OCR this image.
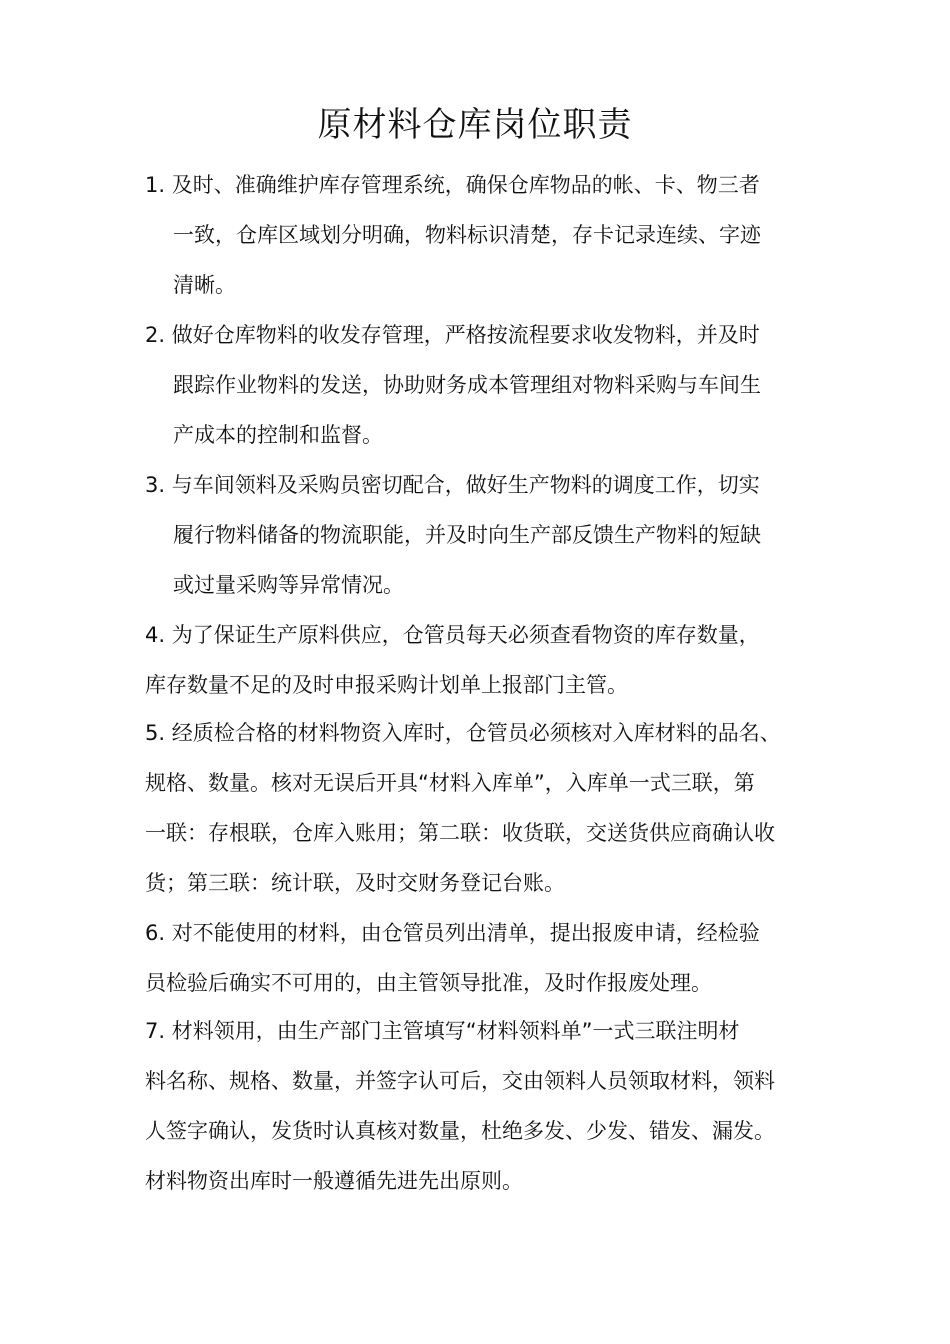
原材料仓库岗位职责
1. 及时、准确维护库存管理系统，确保仓库物品的帐、卡、物三者
一致，仓库区域划分明确，物料标识清楚，存卡记录连续、字迹
清晰。
2. 做好仓库物料的收发存管理，严格按流程要求收发物料，并及时
跟踪作业物料的发送，协助财务成本管理组对物料采购与车间生
产成本的控制和监督。
3. 与车间领料及采购员密切配合，做好生产物料的调度工作，切实
履行物料储备的物流职能，并及时向生产部反馈生产物料的短缺
或过量采购等异常情况。
4. 为了保证生产原料供应，仓管员每天必须查看物资的库存数量，
库存数量不足的及时申报采购计划单上报部门主管。
5. 经质检合格的材料物资入库时，仓管员必须核对入库材料的品名、
规格、数量。核对无误后开具“材料入库单”，入库单一式三联，第
一联：存根联，仓库入账用；第二联：收货联，交送货供应商确认收
货；第三联：统计联，及时交财务登记台账。
6. 对不能使用的材料，由仓管员列出清单，提出报废申请，经检验
员检验后确实不可用的，由主管领导批准，及时作报废处理。
7. 材料领用，由生产部门主管填写“材料领料单”一式三联注明材
料名称、规格、数量，并签字认可后，交由领料人员领取材料，领料
人签字确认，发货时认真核对数量，杜绝多发、少发、错发、漏发。
材料物资出库时一般遵循先进先出原则。
